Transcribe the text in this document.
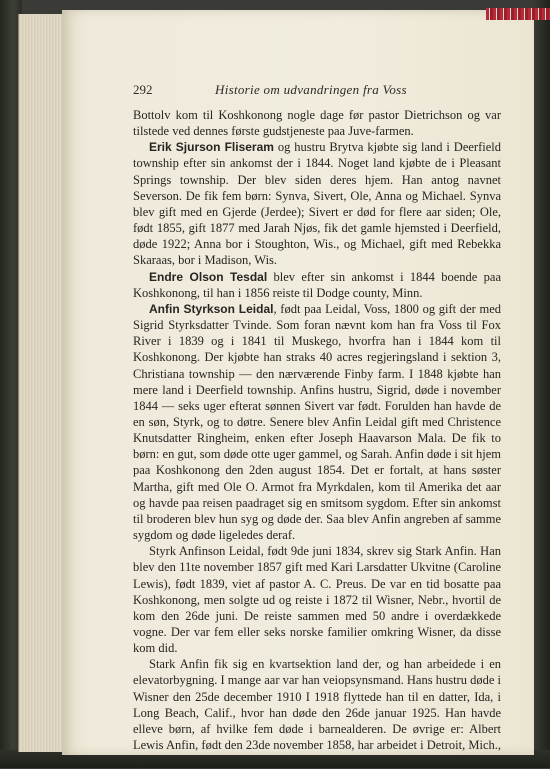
292	Historie om udvandringen fra Voss

Bottolv kom til Koshkonong nogle dage før pastor Dietrichson og var tilstede ved dennes første gudstjeneste paa Juve-farmen.

Erik Sjurson Fliseram og hustru Brytva kjøbte sig land i Deerfield township efter sin ankomst der i 1844. Noget land kjøbte de i Pleasant Springs township. Der blev siden deres hjem. Han antog navnet Severson. De fik fem børn: Synva, Sivert, Ole, Anna og Michael. Synva blev gift med en Gjerde (Jerdee); Sivert er død for flere aar siden; Ole, født 1855, gift 1877 med Jarah Njøs, fik det gamle hjemsted i Deerfield, døde 1922; Anna bor i Stoughton, Wis., og Michael, gift med Rebekka Skaraas, bor i Madison, Wis.

Endre Olson Tesdal blev efter sin ankomst i 1844 boende paa Koshkonong, til han i 1856 reiste til Dodge county, Minn.

Anfin Styrkson Leidal, født paa Leidal, Voss, 1800 og gift der med Sigrid Styrksdatter Tvinde. Som foran nævnt kom han fra Voss til Fox River i 1839 og i 1841 til Muskego, hvorfra han i 1844 kom til Koshkonong. Der kjøbte han straks 40 acres regjeringsland i sektion 3, Christiana township — den nærværende Finby farm. I 1848 kjøbte han mere land i Deerfield township. Anfins hustru, Sigrid, døde i november 1844 — seks uger efterat sønnen Sivert var født. Forulden han havde de en søn, Styrk, og to døtre. Senere blev Anfin Leidal gift med Christence Knutsdatter Ringheim, enken efter Joseph Haavarson Mala. De fik to børn: en gut, som døde otte uger gammel, og Sarah. Anfin døde i sit hjem paa Koshkonong den 2den august 1854. Det er fortalt, at hans søster Martha, gift med Ole O. Armot fra Myrkdalen, kom til Amerika det aar og havde paa reisen paadraget sig en smitsom sygdom. Efter sin ankomst til broderen blev hun syg og døde der. Saa blev Anfin angreben af samme sygdom og døde ligeledes deraf.

Styrk Anfinson Leidal, født 9de juni 1834, skrev sig Stark Anfin. Han blev den 11te november 1857 gift med Kari Larsdatter Ukvitne (Caroline Lewis), født 1839, viet af pastor A. C. Preus. De var en tid bosatte paa Koshkonong, men solgte ud og reiste i 1872 til Wisner, Nebr., hvortil de kom den 26de juni. De reiste sammen med 50 andre i overdækkede vogne. Der var fem eller seks norske familier omkring Wisner, da disse kom did.

Stark Anfin fik sig en kvartsektion land der, og han arbeidede i en elevatorbygning. I mange aar var han veiopsynsmand. Hans hustru døde i Wisner den 25de december 1910 I 1918 flyttede han til en datter, Ida, i Long Beach, Calif., hvor han døde den 26de januar 1925. Han havde elleve børn, af hvilke fem døde i barnealderen. De øvrige er: Albert Lewis Anfin, født den 23de november 1858, har arbeidet i Detroit, Mich., en
